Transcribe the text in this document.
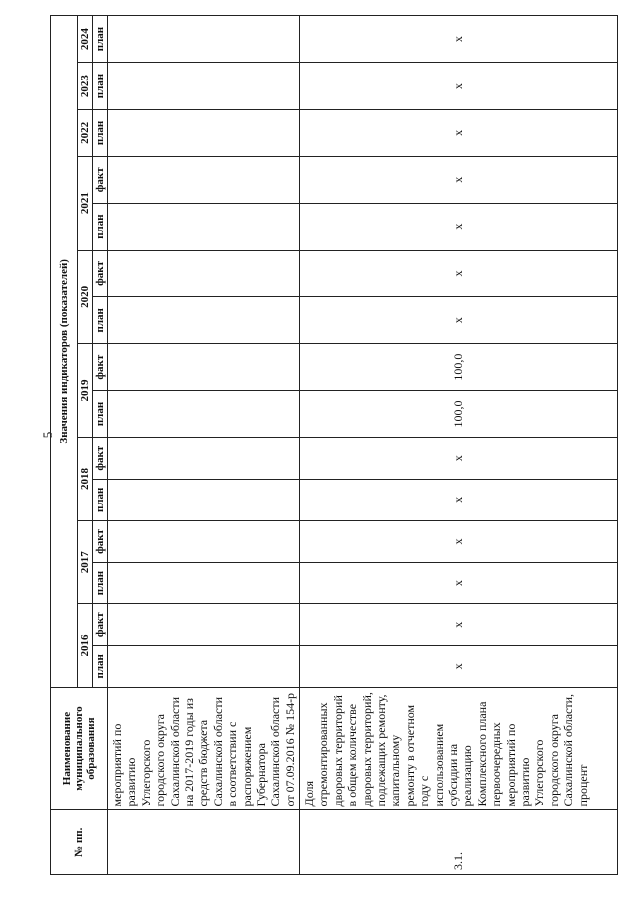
5
№ пп.	Наименование муниципального образования	Значения индикаторов (показателей)														
		2016		2017		2018		2019		2020		2021		2022	2023	2024
		план	факт	план	факт	план	факт	план	факт	план	факт	план	факт	план	план	план
	мероприятий по развитию Углегорского городского округа Сахалинской области на 2017-2019 годы из средств бюджета Сахалинской области в соответствии с распоряжением Губернатора Сахалинской области от 07.09.2016 № 154-р															
3.1.	Доля отремонтированных дворовых территорий в общем количестве дворовых территорий, подлежащих ремонту, капитальному ремонту в отчетном году с использованием субсидии на реализацию Комплексного плана первоочередных мероприятий по развитию Углегорского городского округа Сахалинской области, процент	x	x	x	x	x	x	100,0	100,0	x	x	x	x	x	x	x
